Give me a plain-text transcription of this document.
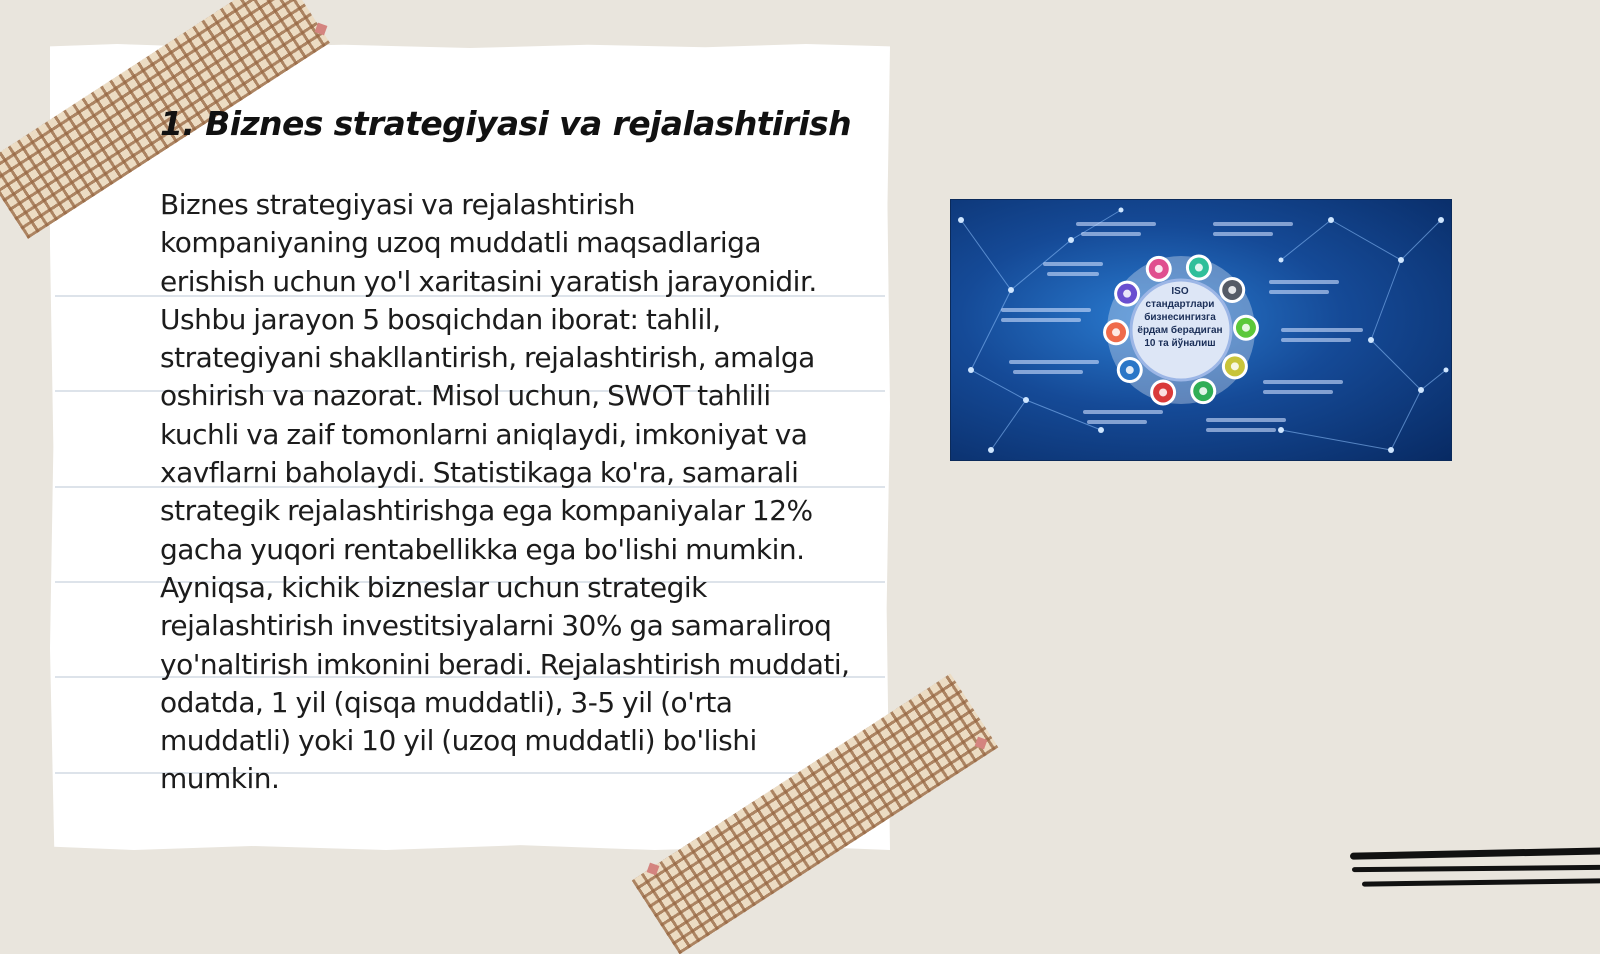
1. Biznes strategiyasi va rejalashtirish

Biznes strategiyasi va rejalashtirish kompaniyaning uzoq muddatli maqsadlariga erishish uchun yo'l xaritasini yaratish jarayonidir. Ushbu jarayon 5 bosqichdan iborat: tahlil, strategiyani shakllantirish, rejalashtirish, amalga oshirish va nazorat. Misol uchun, SWOT tahlili kuchli va zaif tomonlarni aniqlaydi, imkoniyat va xavflarni baholaydi. Statistikaga ko'ra, samarali strategik rejalashtirishga ega kompaniyalar 12% gacha yuqori rentabellikka ega bo'lishi mumkin. Ayniqsa, kichik bizneslar uchun strategik rejalashtirish investitsiyalarni 30% ga samaraliroq yo'naltirish imkonini beradi. Rejalashtirish muddati, odatda, 1 yil (qisqa muddatli), 3-5 yil (o'rta muddatli) yoki 10 yil (uzoq muddatli) bo'lishi mumkin.

ISO
стандартлари
бизнесингизга
ёрдам берадиган
10 та йўналиш
